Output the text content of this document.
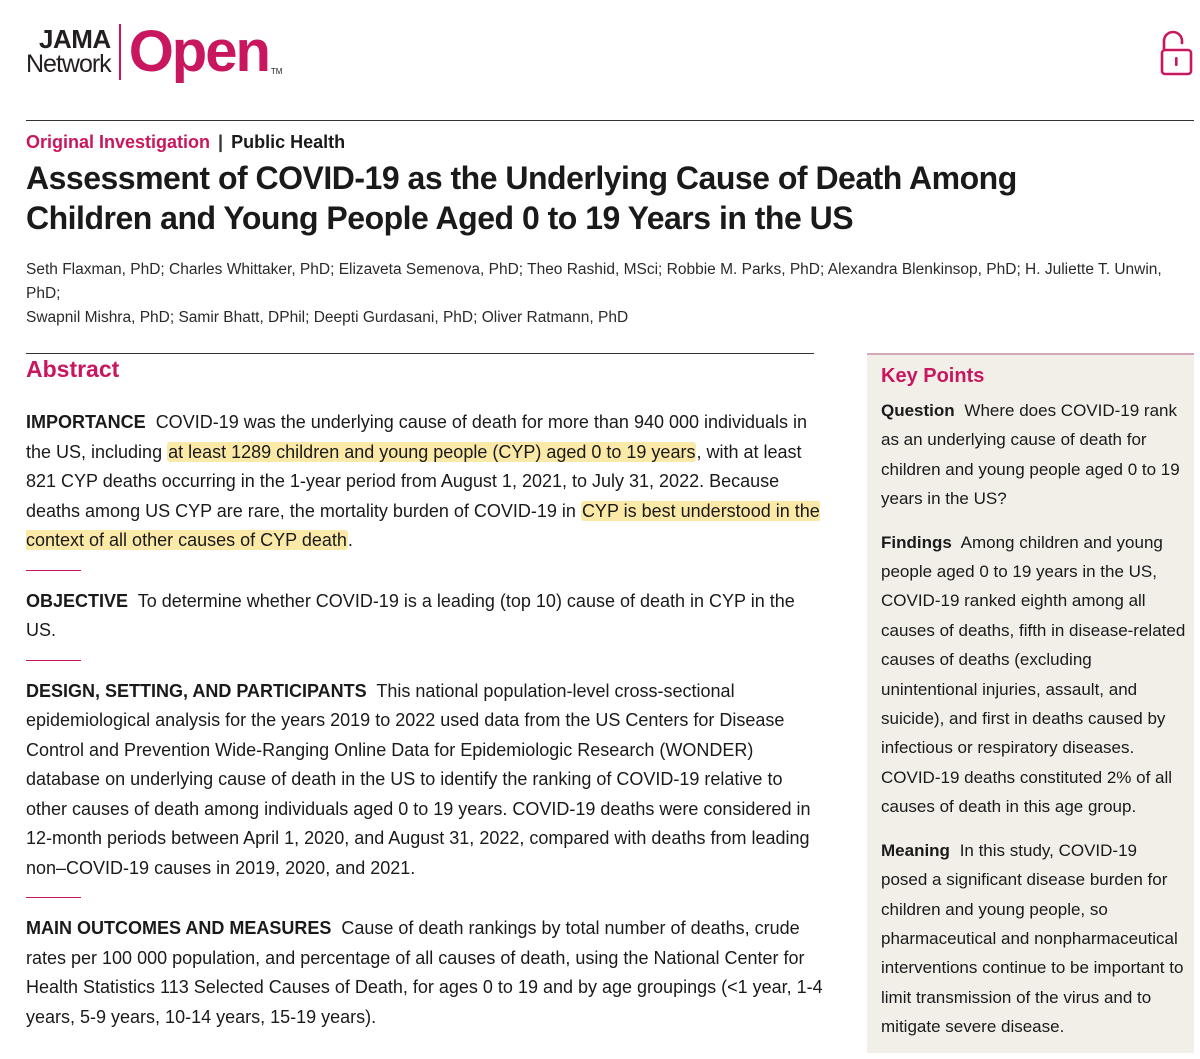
JAMA
Network Open TM
Original Investigation | Public Health
Assessment of COVID-19 as the Underlying Cause of Death Among Children and Young People Aged 0 to 19 Years in the US
Seth Flaxman, PhD; Charles Whittaker, PhD; Elizaveta Semenova, PhD; Theo Rashid, MSci; Robbie M. Parks, PhD; Alexandra Blenkinsop, PhD; H. Juliette T. Unwin, PhD;
Swapnil Mishra, PhD; Samir Bhatt, DPhil; Deepti Gurdasani, PhD; Oliver Ratmann, PhD
Abstract

IMPORTANCE COVID-19 was the underlying cause of death for more than 940 000 individuals in the US, including at least 1289 children and young people (CYP) aged 0 to 19 years, with at least 821 CYP deaths occurring in the 1-year period from August 1, 2021, to July 31, 2022. Because deaths among US CYP are rare, the mortality burden of COVID-19 in CYP is best understood in the context of all other causes of CYP death.

OBJECTIVE To determine whether COVID-19 is a leading (top 10) cause of death in CYP in the US.

DESIGN, SETTING, AND PARTICIPANTS This national population-level cross-sectional epidemiological analysis for the years 2019 to 2022 used data from the US Centers for Disease Control and Prevention Wide-Ranging Online Data for Epidemiologic Research (WONDER) database on underlying cause of death in the US to identify the ranking of COVID-19 relative to other causes of death among individuals aged 0 to 19 years. COVID-19 deaths were considered in 12-month periods between April 1, 2020, and August 31, 2022, compared with deaths from leading non–COVID-19 causes in 2019, 2020, and 2021.

MAIN OUTCOMES AND MEASURES Cause of death rankings by total number of deaths, crude rates per 100 000 population, and percentage of all causes of death, using the National Center for Health Statistics 113 Selected Causes of Death, for ages 0 to 19 and by age groupings (<1 year, 1-4 years, 5-9 years, 10-14 years, 15-19 years).

Key Points

Question Where does COVID-19 rank as an underlying cause of death for children and young people aged 0 to 19 years in the US?

Findings Among children and young people aged 0 to 19 years in the US, COVID-19 ranked eighth among all causes of deaths, fifth in disease-related causes of deaths (excluding unintentional injuries, assault, and suicide), and first in deaths caused by infectious or respiratory diseases. COVID-19 deaths constituted 2% of all causes of death in this age group.

Meaning In this study, COVID-19 posed a significant disease burden for children and young people, so pharmaceutical and nonpharmaceutical interventions continue to be important to limit transmission of the virus and to mitigate severe disease.
